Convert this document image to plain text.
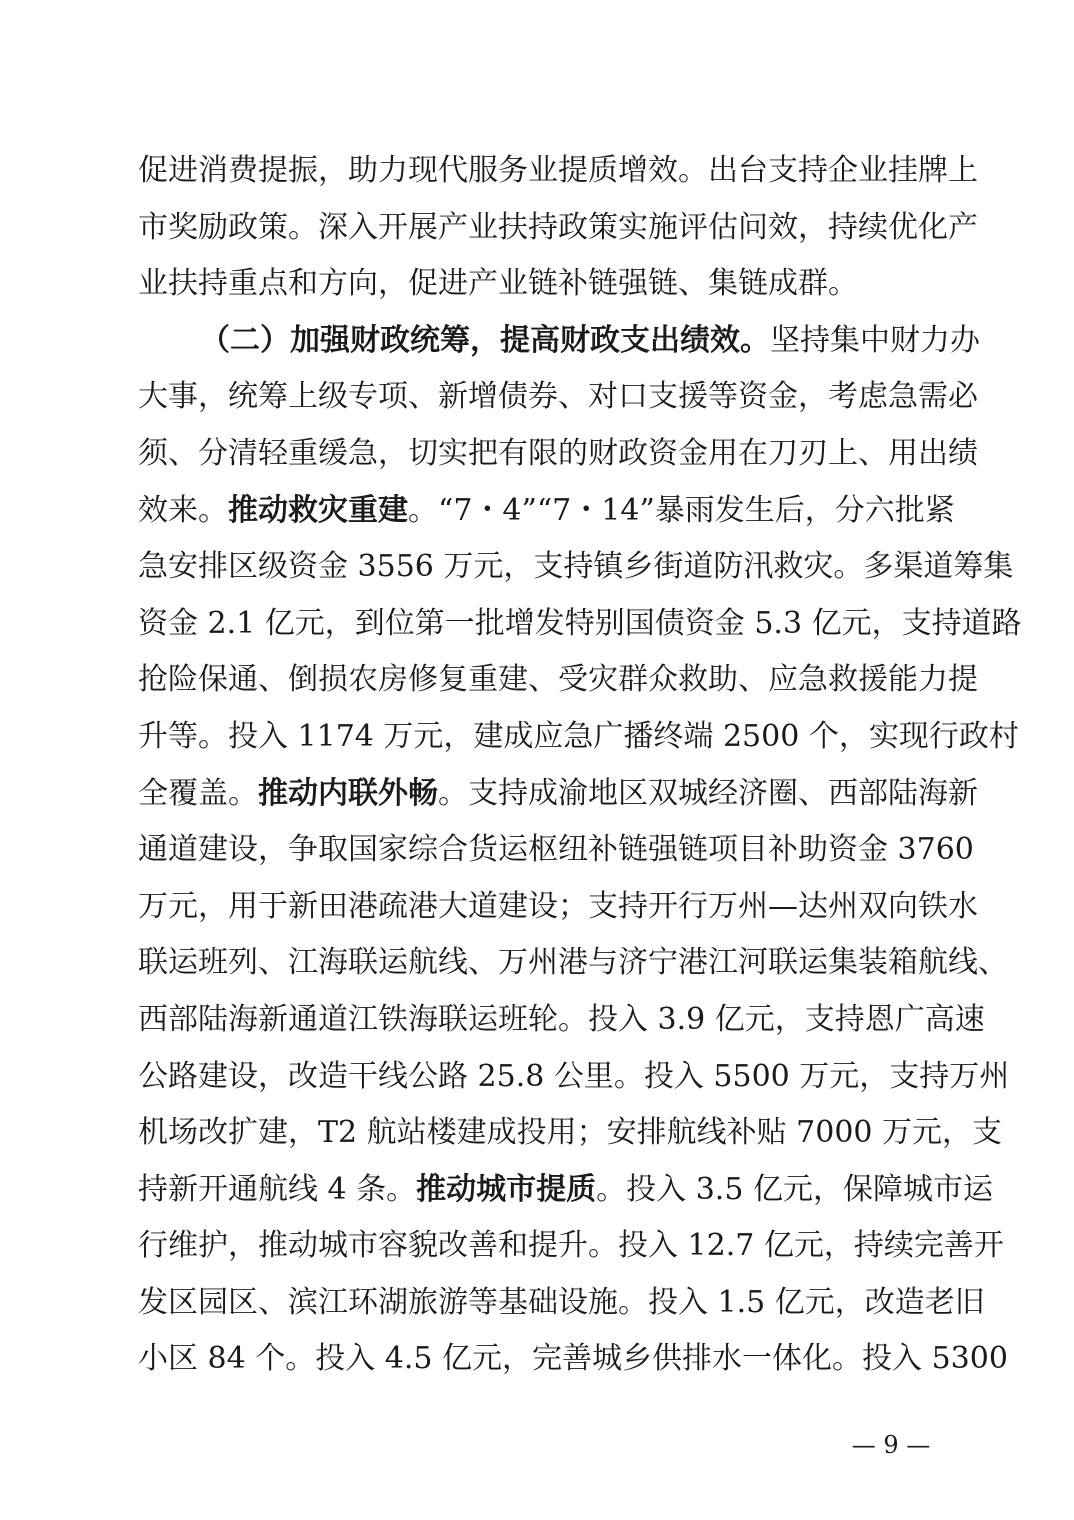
促进消费提振，助力现代服务业提质增效。出台支持企业挂牌上
市奖励政策。深入开展产业扶持政策实施评估问效，持续优化产
业扶持重点和方向，促进产业链补链强链、集链成群。
（二）加强财政统筹，提高财政支出绩效。坚持集中财力办
大事，统筹上级专项、新增债券、对口支援等资金，考虑急需必
须、分清轻重缓急，切实把有限的财政资金用在刀刃上、用出绩
效来。推动救灾重建。“7・4”“7・14”暴雨发生后，分六批紧
急安排区级资金 3556 万元，支持镇乡街道防汛救灾。多渠道筹集
资金 2.1 亿元，到位第一批增发特别国债资金 5.3 亿元，支持道路
抢险保通、倒损农房修复重建、受灾群众救助、应急救援能力提
升等。投入 1174 万元，建成应急广播终端 2500 个，实现行政村
全覆盖。推动内联外畅。支持成渝地区双城经济圈、西部陆海新
通道建设，争取国家综合货运枢纽补链强链项目补助资金 3760
万元，用于新田港疏港大道建设；支持开行万州—达州双向铁水
联运班列、江海联运航线、万州港与济宁港江河联运集装箱航线、
西部陆海新通道江铁海联运班轮。投入 3.9 亿元，支持恩广高速
公路建设，改造干线公路 25.8 公里。投入 5500 万元，支持万州
机场改扩建，T2 航站楼建成投用；安排航线补贴 7000 万元，支
持新开通航线 4 条。推动城市提质。投入 3.5 亿元，保障城市运
行维护，推动城市容貌改善和提升。投入 12.7 亿元，持续完善开
发区园区、滨江环湖旅游等基础设施。投入 1.5 亿元，改造老旧
小区 84 个。投入 4.5 亿元，完善城乡供排水一体化。投入 5300
— 9 —
